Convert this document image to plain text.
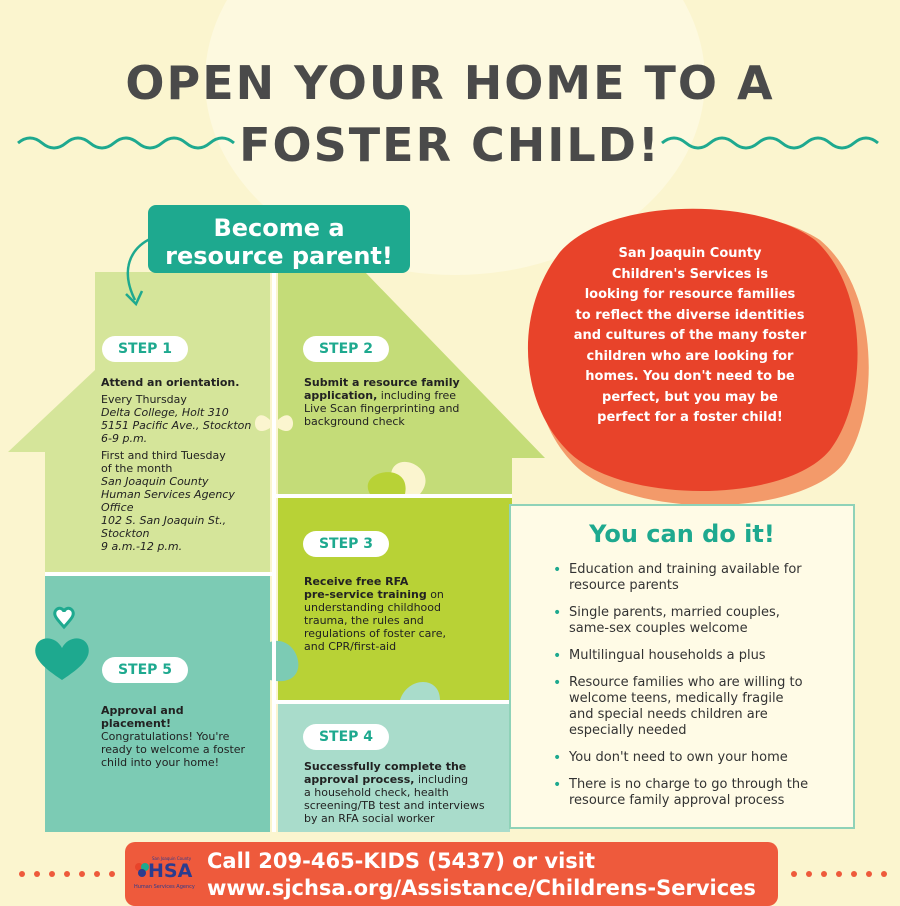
OPEN YOUR HOME TO A
FOSTER CHILD!
Become a
resource parent!
STEP 1
Attend an orientation.
Every Thursday
Delta College, Holt 310
5151 Pacific Ave., Stockton
6-9 p.m.
First and third Tuesday
of the month
San Joaquin County
Human Services Agency Office
102 S. San Joaquin St., Stockton
9 a.m.-12 p.m.
STEP 2
Submit a resource family
application, including free
Live Scan fingerprinting and
background check
STEP 3
Receive free RFA
pre-service training on
understanding childhood
trauma, the rules and
regulations of foster care,
and CPR/first-aid
STEP 4
Successfully complete the
approval process, including
a household check, health
screening/TB test and interviews
by an RFA social worker
STEP 5
Approval and
placement!
Congratulations! You're
ready to welcome a foster
child into your home!
San Joaquin County
Children's Services is
looking for resource families
to reflect the diverse identities
and cultures of the many foster
children who are looking for
homes. You don't need to be
perfect, but you may be
perfect for a foster child!
You can do it!
• Education and training available for
resource parents
• Single parents, married couples,
same-sex couples welcome
• Multilingual households a plus
• Resource families who are willing to
welcome teens, medically fragile
and special needs children are
especially needed
• You don't need to own your home
• There is no charge to go through the
resource family approval process
San Joaquin County
HSA
Human Services Agency
Call 209-465-KIDS (5437) or visit
www.sjchsa.org/Assistance/Childrens-Services
